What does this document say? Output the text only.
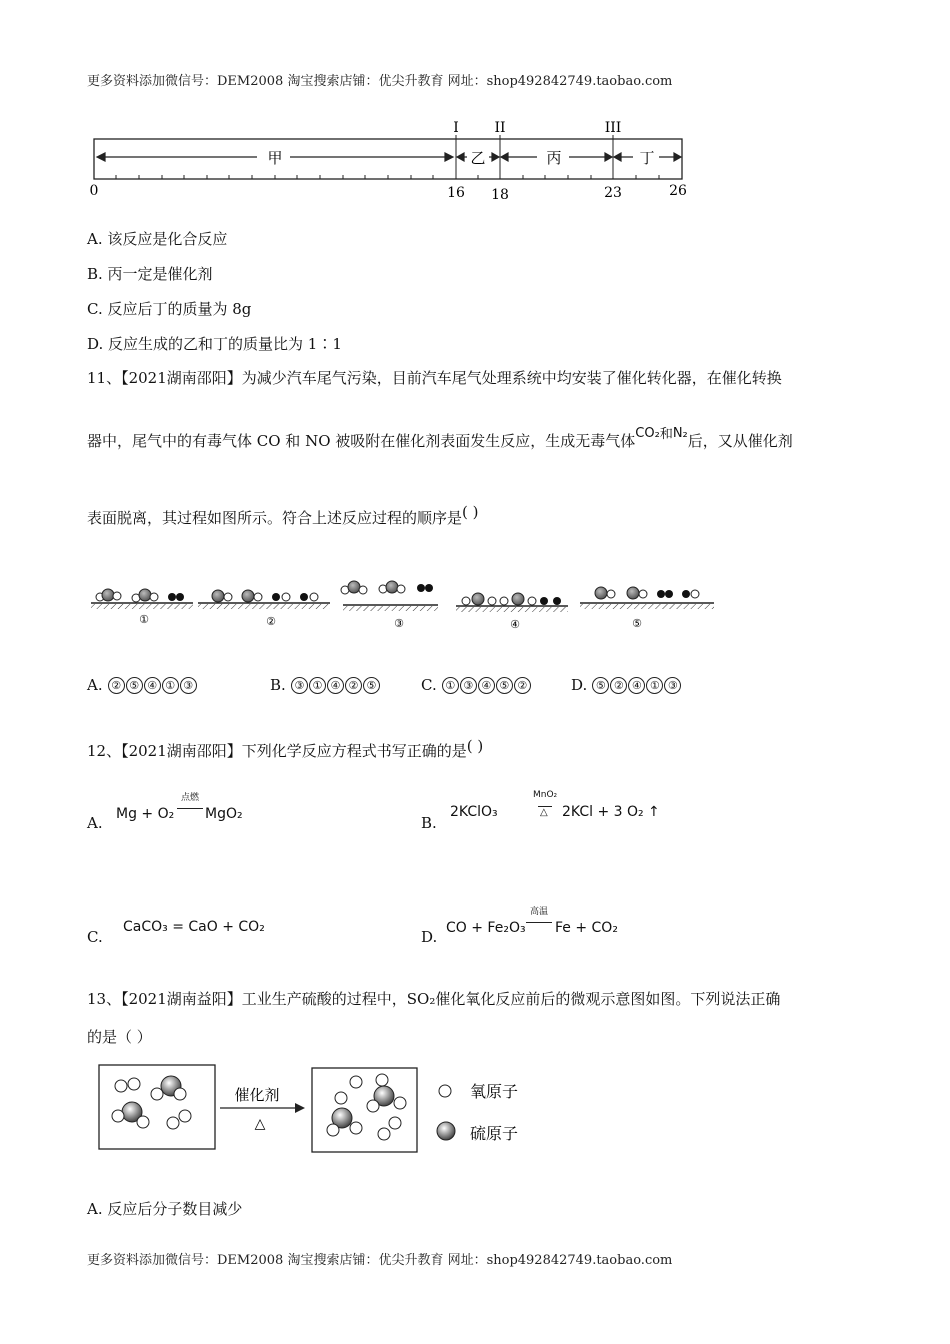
更多资料添加微信号：DEM2008 淘宝搜索店铺：优尖升教育 网址：shop492842749.taobao.com
甲	乙	丙	丁
I	II	III
0	16 18	23	26
A. 该反应是化合反应
B. 丙一定是催化剂
C. 反应后丁的质量为 8g
D. 反应生成的乙和丁的质量比为 1∶1
11、【2021湖南邵阳】为减少汽车尾气污染，目前汽车尾气处理系统中均安装了催化转化器，在催化转换
器中，尾气中的有毒气体 CO 和 NO 被吸附在催化剂表面发生反应，生成无毒气体CO₂和N₂后，又从催化剂
表面脱离，其过程如图所示。符合上述反应过程的顺序是( )
①	②	③	④	⑤
A. ② ⑤ ④ ① ③	B. ③ ① ④ ② ⑤	C. ① ③ ④ ⑤ ②	D. ⑤ ② ④ ① ③
12、【2021湖南邵阳】下列化学反应方程式书写正确的是( )
A. Mg + O₂
点燃
MgO₂	B.
2KClO₃
MnO₂
△ 2KCl + 3 O₂ ↑
C.
CaCO₃ = CaO + CO₂
D. CO + Fe₂O₃
高温
Fe + CO₂
13、【2021湖南益阳】工业生产硫酸的过程中，SO₂催化氧化反应前后的微观示意图如图。下列说法正确
的是（ ）
催化剂
△
氧原子
硫原子
A. 反应后分子数目减少
更多资料添加微信号：DEM2008 淘宝搜索店铺：优尖升教育 网址：shop492842749.taobao.com
